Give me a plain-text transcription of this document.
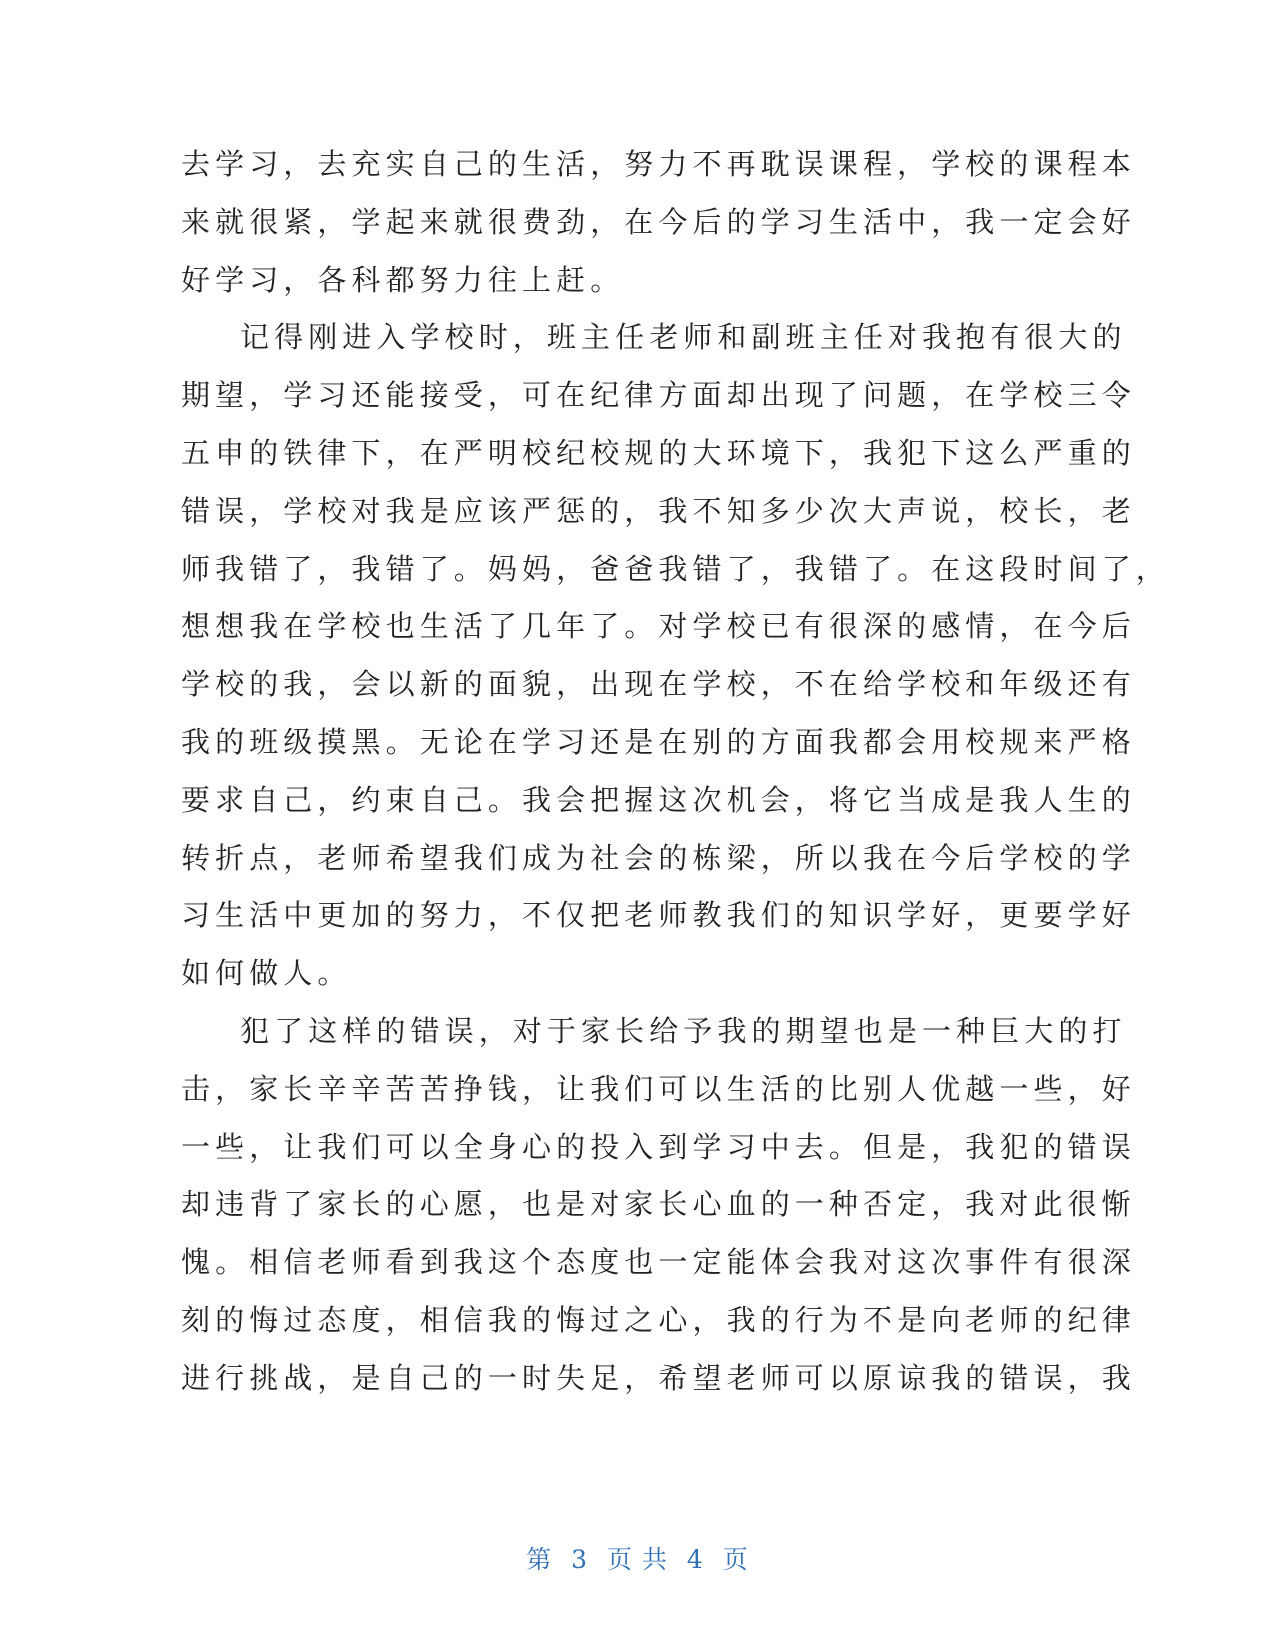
去学习，去充实自己的生活，努力不再耽误课程，学校的课程本
来就很紧，学起来就很费劲，在今后的学习生活中，我一定会好
好学习，各科都努力往上赶。
记得刚进入学校时，班主任老师和副班主任对我抱有很大的
期望，学习还能接受，可在纪律方面却出现了问题，在学校三令
五申的铁律下，在严明校纪校规的大环境下，我犯下这么严重的
错误，学校对我是应该严惩的，我不知多少次大声说，校长，老
师我错了，我错了。妈妈，爸爸我错了，我错了。在这段时间了，
想想我在学校也生活了几年了。对学校已有很深的感情，在今后
学校的我，会以新的面貌，出现在学校，不在给学校和年级还有
我的班级摸黑。无论在学习还是在别的方面我都会用校规来严格
要求自己，约束自己。我会把握这次机会，将它当成是我人生的
转折点，老师希望我们成为社会的栋梁，所以我在今后学校的学
习生活中更加的努力，不仅把老师教我们的知识学好，更要学好
如何做人。
犯了这样的错误，对于家长给予我的期望也是一种巨大的打
击，家长辛辛苦苦挣钱，让我们可以生活的比别人优越一些，好
一些，让我们可以全身心的投入到学习中去。但是，我犯的错误
却违背了家长的心愿，也是对家长心血的一种否定，我对此很惭
愧。相信老师看到我这个态度也一定能体会我对这次事件有很深
刻的悔过态度，相信我的悔过之心，我的行为不是向老师的纪律
进行挑战，是自己的一时失足，希望老师可以原谅我的错误，我
第 3 页 共 4 页
